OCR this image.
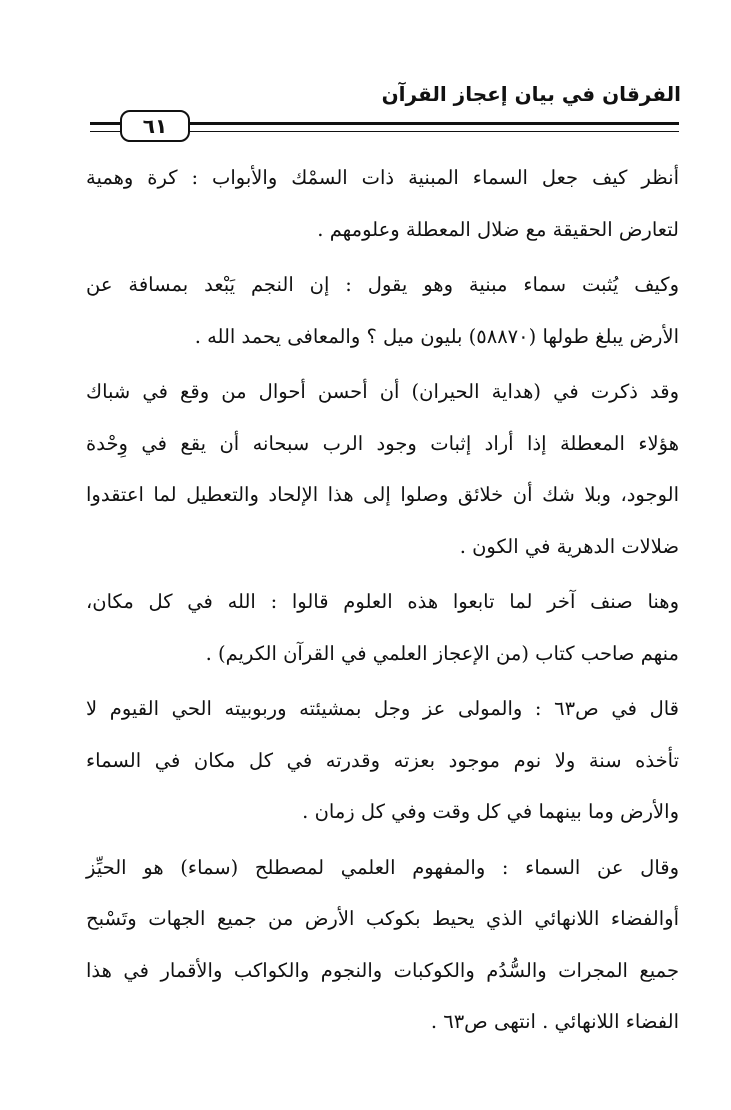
الفرقان في بيان إعجاز القرآن
٦١

أنظر كيف جعل السماء المبنية ذات السمْك والأبواب : كرة وهمية
لتعارض الحقيقة مع ضلال المعطلة وعلومهم .

وكيف يُثبت سماء مبنية وهو يقول : إن النجم يَبْعد بمسافة عن
الأرض يبلغ طولها (٥٨٨٧٠) بليون ميل ؟ والمعافى يحمد الله .

وقد ذكرت في (هداية الحيران) أن أحسن أحوال من وقع في شباك
هؤلاء المعطلة إذا أراد إثبات وجود الرب سبحانه أن يقع في وِحْدة
الوجود، وبلا شك أن خلائق وصلوا إلى هذا الإلحاد والتعطيل لما اعتقدوا
ضلالات الدهرية في الكون .

وهنا صنف آخر لما تابعوا هذه العلوم قالوا : الله في كل مكان،
منهم صاحب كتاب (من الإعجاز العلمي في القرآن الكريم) .

قال في ص٦٣ : والمولى عز وجل بمشيئته وربوبيته الحي القيوم لا
تأخذه سنة ولا نوم موجود بعزته وقدرته في كل مكان في السماء
والأرض وما بينهما في كل وقت وفي كل زمان .

وقال عن السماء : والمفهوم العلمي لمصطلح (سماء) هو الحيِّز
أوالفضاء اللانهائي الذي يحيط بكوكب الأرض من جميع الجهات وتَسْبح
جميع المجرات والسُّدُم والكوكبات والنجوم والكواكب والأقمار في هذا
الفضاء اللانهائي . انتهى ص٦٣ .
